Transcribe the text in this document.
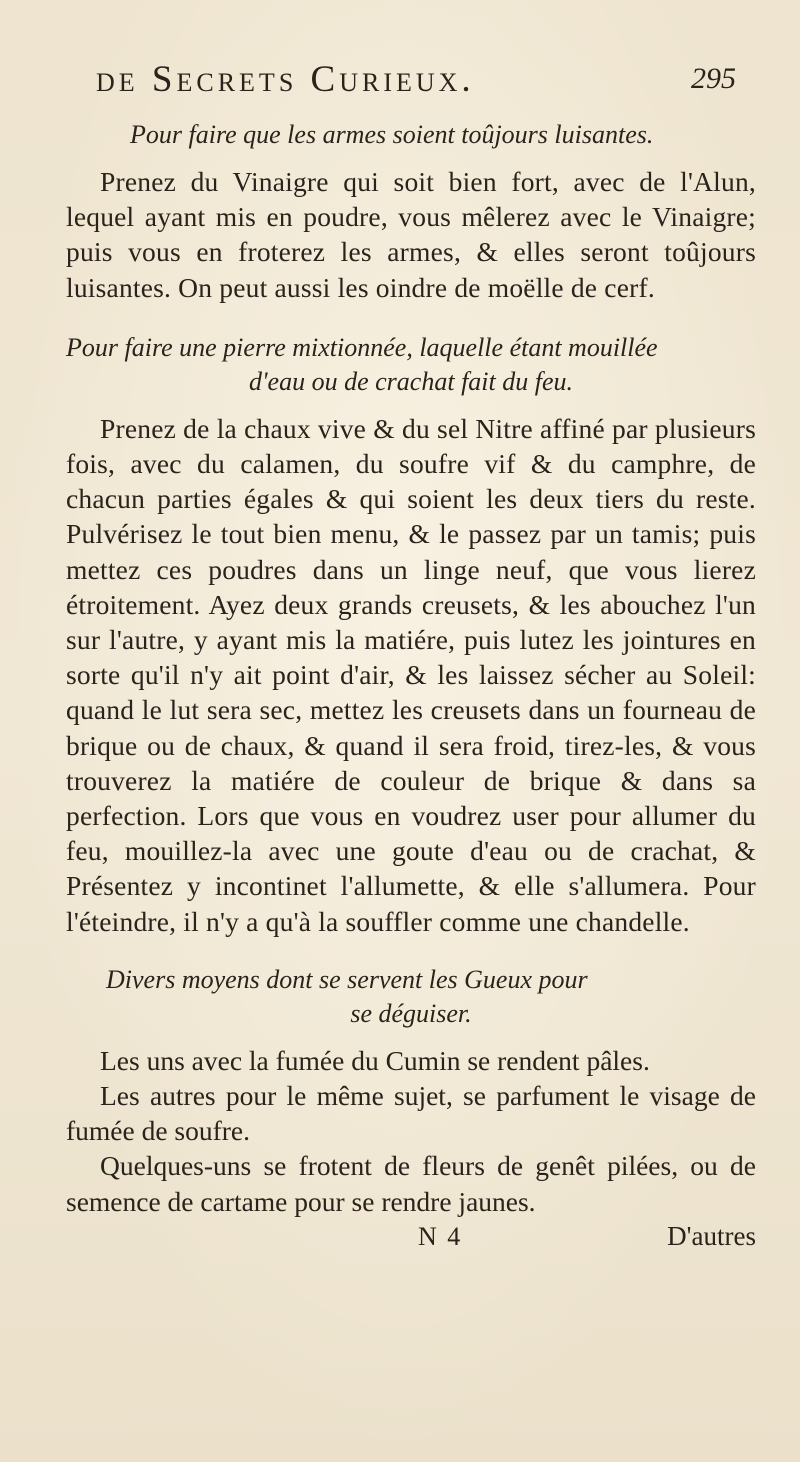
de Secrets Curieux.	295
Pour faire que les armes soient toûjours luisantes.

Prenez du Vinaigre qui soit bien fort, avec de l'Alun, lequel ayant mis en poudre, vous mêlerez avec le Vinaigre; puis vous en froterez les armes, & elles seront toûjours luisantes. On peut aussi les oindre de moëlle de cerf.

Pour faire une pierre mixtionnée, laquelle étant mouillée
d'eau ou de crachat fait du feu.

Prenez de la chaux vive & du sel Nitre affiné par plusieurs fois, avec du calamen, du soufre vif & du camphre, de chacun parties égales & qui soient les deux tiers du reste. Pulvérisez le tout bien menu, & le passez par un tamis; puis mettez ces poudres dans un linge neuf, que vous lierez étroitement. Ayez deux grands creusets, & les abouchez l'un sur l'autre, y ayant mis la matiére, puis lutez les jointures en sorte qu'il n'y ait point d'air, & les laissez sécher au Soleil: quand le lut sera sec, mettez les creusets dans un fourneau de brique ou de chaux, & quand il sera froid, tirez-les, & vous trouverez la matiére de couleur de brique & dans sa perfection. Lors que vous en voudrez user pour allumer du feu, mouillez-la avec une goute d'eau ou de crachat, & Présentez y incontinet l'allumette, & elle s'allumera. Pour l'éteindre, il n'y a qu'à la souffler comme une chandelle.

Divers moyens dont se servent les Gueux pour
se déguiser.

Les uns avec la fumée du Cumin se rendent pâles.

Les autres pour le même sujet, se parfument le visage de fumée de soufre.

Quelques-uns se frotent de fleurs de genêt pilées, ou de semence de cartame pour se rendre jaunes.

N 4	D'autres
